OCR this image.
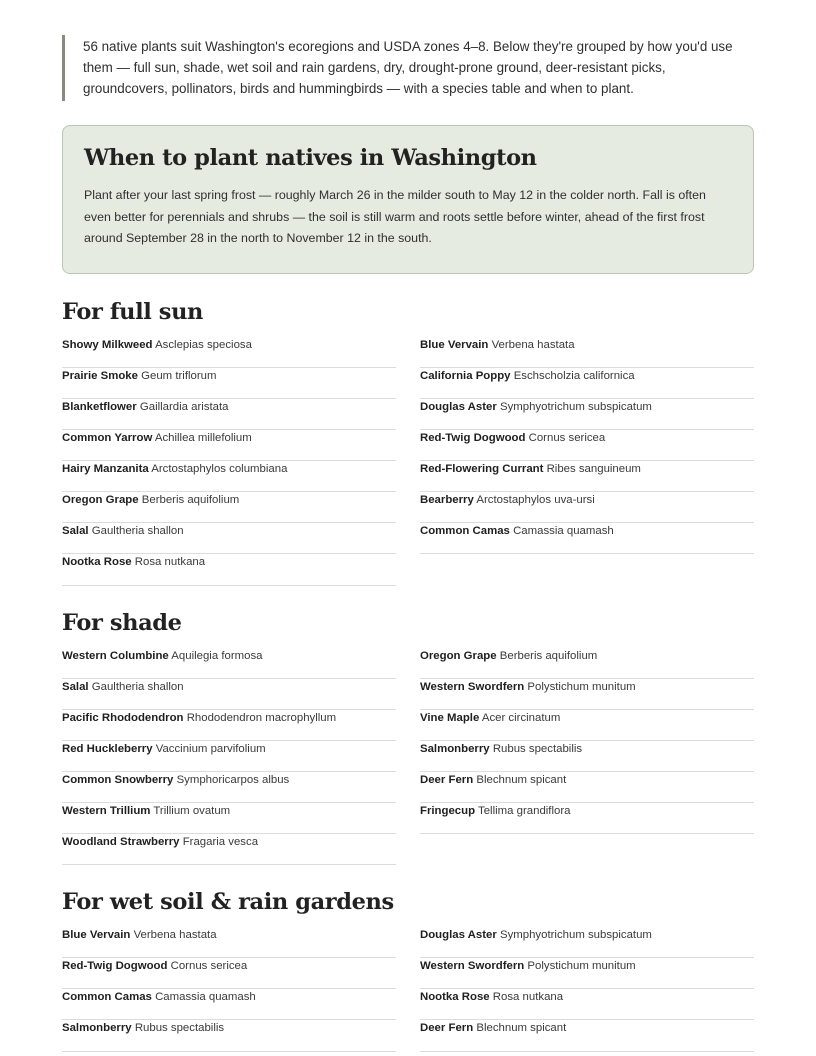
56 native plants suit Washington's ecoregions and USDA zones 4–8. Below they're grouped by how you'd use them — full sun, shade, wet soil and rain gardens, dry, drought-prone ground, deer-resistant picks, groundcovers, pollinators, birds and hummingbirds — with a species table and when to plant.
When to plant natives in Washington

Plant after your last spring frost — roughly March 26 in the milder south to May 12 in the colder north. Fall is often even better for perennials and shrubs — the soil is still warm and roots settle before winter, ahead of the first frost around September 28 in the north to November 12 in the south.

For full sun
Showy Milkweed Asclepias speciosa	Blue Vervain Verbena hastata
Prairie Smoke Geum triflorum	California Poppy Eschscholzia californica
Blanketflower Gaillardia aristata	Douglas Aster Symphyotrichum subspicatum
Common Yarrow Achillea millefolium	Red-Twig Dogwood Cornus sericea
Hairy Manzanita Arctostaphylos columbiana	Red-Flowering Currant Ribes sanguineum
Oregon Grape Berberis aquifolium	Bearberry Arctostaphylos uva-ursi
Salal Gaultheria shallon	Common Camas Camassia quamash
Nootka Rose Rosa nutkana
For shade
Western Columbine Aquilegia formosa	Oregon Grape Berberis aquifolium
Salal Gaultheria shallon	Western Swordfern Polystichum munitum
Pacific Rhododendron Rhododendron macrophyllum	Vine Maple Acer circinatum
Red Huckleberry Vaccinium parvifolium	Salmonberry Rubus spectabilis
Common Snowberry Symphoricarpos albus	Deer Fern Blechnum spicant
Western Trillium Trillium ovatum	Fringecup Tellima grandiflora
Woodland Strawberry Fragaria vesca
For wet soil & rain gardens
Blue Vervain Verbena hastata	Douglas Aster Symphyotrichum subspicatum
Red-Twig Dogwood Cornus sericea	Western Swordfern Polystichum munitum
Common Camas Camassia quamash	Nootka Rose Rosa nutkana
Salmonberry Rubus spectabilis	Deer Fern Blechnum spicant
